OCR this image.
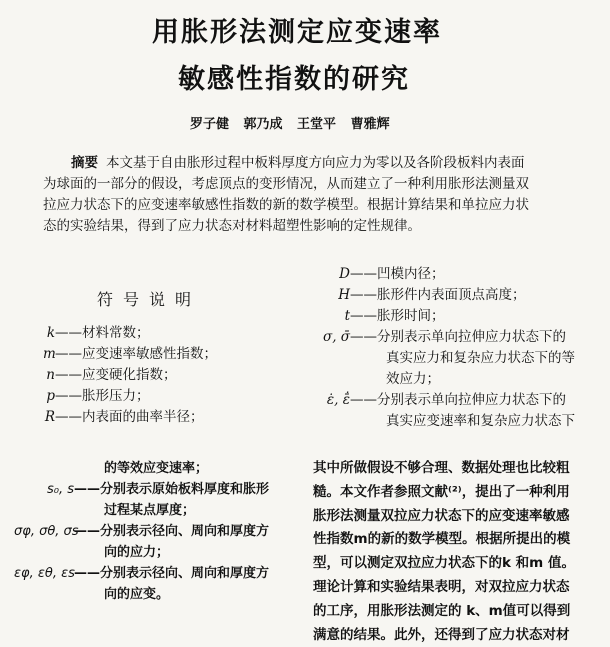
用胀形法测定应变速率
敏感性指数的研究
罗子健 郭乃成 王堂平 曹雅辉
摘要 本文基于自由胀形过程中板料厚度方向应力为零以及各阶段板料内表面
为球面的一部分的假设，考虑顶点的变形情况，从而建立了一种利用胀形法测量双
拉应力状态下的应变速率敏感性指数的新的数学模型。根据计算结果和单拉应力状
态的实验结果，得到了应力状态对材料超塑性影响的定性规律。
符号说明
k——材料常数；
m——应变速率敏感性指数；
n——应变硬化指数；
p——胀形压力；
R——内表面的曲率半径；
D——凹模内径；
H——胀形件内表面顶点高度；
t——胀形时间；
σ, σ̄——分别表示单向拉伸应力状态下的
真实应力和复杂应力状态下的等
效应力；
ε̇, ε̄̇——分别表示单向拉伸应力状态下的
真实应变速率和复杂应力状态下
的等效应变速率；
s₀, s——分别表示原始板料厚度和胀形
过程某点厚度；
σφ, σθ, σs——分别表示径向、周向和厚度方
向的应力；
εφ, εθ, εs——分别表示径向、周向和厚度方
向的应变。
其中所做假设不够合理、数据处理也比较粗
糙。本文作者参照文献⁽²⁾，提出了一种利用
胀形法测量双拉应力状态下的应变速率敏感
性指数m的新的数学模型。根据所提出的模
型，可以测定双拉应力状态下的k 和m 值。
理论计算和实验结果表明，对双拉应力状态
的工序，用胀形法测定的 k、m值可以得到
满意的结果。此外，还得到了应力状态对材
